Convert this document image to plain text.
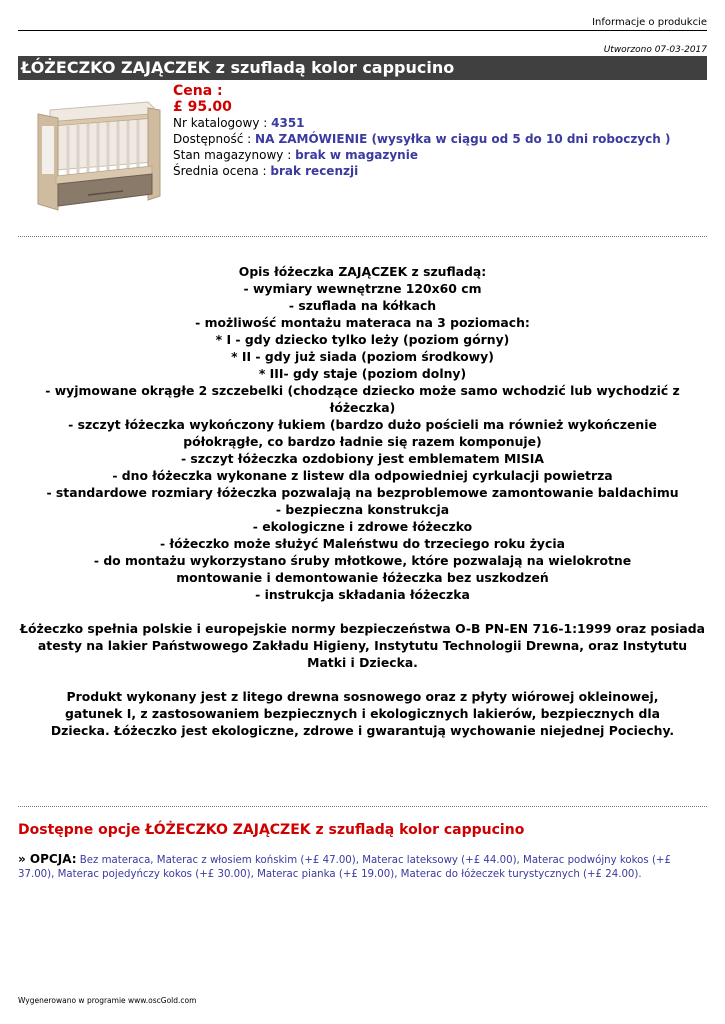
Informacje o produkcie
Utworzono 07-03-2017
ŁÓŻECZKO ZAJĄCZEK z szufladą kolor cappucino
Cena :
£ 95.00
Nr katalogowy : 4351
Dostępność : NA ZAMÓWIENIE (wysyłka w ciągu od 5 do 10 dni roboczych )
Stan magazynowy : brak w magazynie
Średnia ocena : brak recenzji

Opis łóżeczka ZAJĄCZEK z szufladą:

- wymiary wewnętrzne 120x60 cm

- szuflada na kółkach

- możliwość montażu materaca na 3 poziomach:

* I - gdy dziecko tylko leży (poziom górny)

* II - gdy już siada (poziom środkowy)

* III- gdy staje (poziom dolny)

- wyjmowane okrągłe 2 szczebelki (chodzące dziecko może samo wchodzić lub wychodzić z łóżeczka)

- szczyt łóżeczka wykończony łukiem (bardzo dużo pościeli ma również wykończenie półokrągłe, co bardzo ładnie się razem komponuje)

- szczyt łóżeczka ozdobiony jest emblematem MISIA

- dno łóżeczka wykonane z listew dla odpowiedniej cyrkulacji powietrza

- standardowe rozmiary łóżeczka pozwalają na bezproblemowe zamontowanie baldachimu

- bezpieczna konstrukcja

- ekologiczne i zdrowe łóżeczko

- łóżeczko może służyć Maleństwu do trzeciego roku życia

- do montażu wykorzystano śruby młotkowe, które pozwalają na wielokrotne montowanie i demontowanie łóżeczka bez uszkodzeń

- instrukcja składania łóżeczka

Łóżeczko spełnia polskie i europejskie normy bezpieczeństwa O-B PN-EN 716-1:1999 oraz posiada atesty na lakier Państwowego Zakładu Higieny, Instytutu Technologii Drewna, oraz Instytutu Matki i Dziecka.

Produkt wykonany jest z litego drewna sosnowego oraz z płyty wiórowej okleinowej, gatunek I, z zastosowaniem bezpiecznych i ekologicznych lakierów, bezpiecznych dla Dziecka. Łóżeczko jest ekologiczne, zdrowe i gwarantują wychowanie niejednej Pociechy.

Dostępne opcje ŁÓŻECZKO ZAJĄCZEK z szufladą kolor cappucino
» OPCJA: Bez materaca, Materac z włosiem końskim (+£ 47.00), Materac lateksowy (+£ 44.00), Materac podwójny kokos (+£ 37.00), Materac pojedyńczy kokos (+£ 30.00), Materac pianka (+£ 19.00), Materac do łóżeczek turystycznych (+£ 24.00).
Wygenerowano w programie www.oscGold.com
